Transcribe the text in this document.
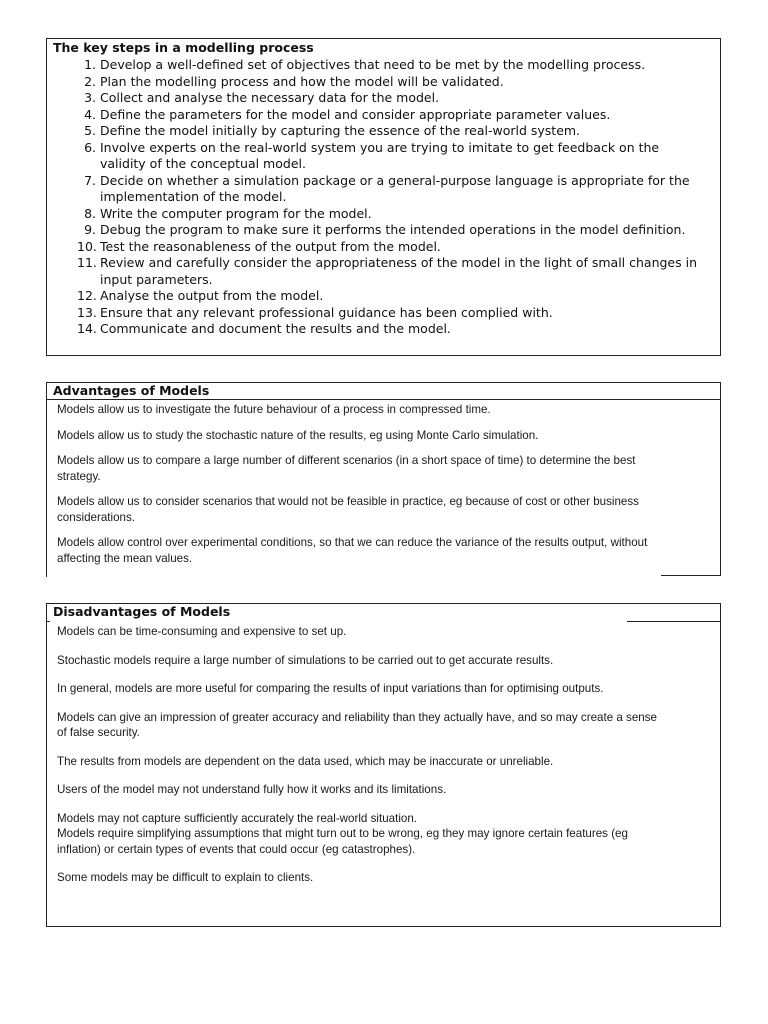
The key steps in a modelling process
1. Develop a well-defined set of objectives that need to be met by the modelling process.
2. Plan the modelling process and how the model will be validated.
3. Collect and analyse the necessary data for the model.
4. Define the parameters for the model and consider appropriate parameter values.
5. Define the model initially by capturing the essence of the real-world system.
6. Involve experts on the real-world system you are trying to imitate to get feedback on the validity of the conceptual model.
7. Decide on whether a simulation package or a general-purpose language is appropriate for the implementation of the model.
8. Write the computer program for the model.
9. Debug the program to make sure it performs the intended operations in the model definition.
10. Test the reasonableness of the output from the model.
11. Review and carefully consider the appropriateness of the model in the light of small changes in input parameters.
12. Analyse the output from the model.
13. Ensure that any relevant professional guidance has been complied with.
14. Communicate and document the results and the model.
Advantages of Models
Models allow us to investigate the future behaviour of a process in compressed time.
Models allow us to study the stochastic nature of the results, eg using Monte Carlo simulation.
Models allow us to compare a large number of different scenarios (in a short space of time) to determine the best strategy.
Models allow us to consider scenarios that would not be feasible in practice, eg because of cost or other business considerations.
Models allow control over experimental conditions, so that we can reduce the variance of the results output, without affecting the mean values.
Disadvantages of Models
Models can be time-consuming and expensive to set up.
Stochastic models require a large number of simulations to be carried out to get accurate results.
In general, models are more useful for comparing the results of input variations than for optimising outputs.
Models can give an impression of greater accuracy and reliability than they actually have, and so may create a sense of false security.
The results from models are dependent on the data used, which may be inaccurate or unreliable.
Users of the model may not understand fully how it works and its limitations.
Models may not capture sufficiently accurately the real-world situation.
Models require simplifying assumptions that might turn out to be wrong, eg they may ignore certain features (eg inflation) or certain types of events that could occur (eg catastrophes).
Some models may be difficult to explain to clients.
